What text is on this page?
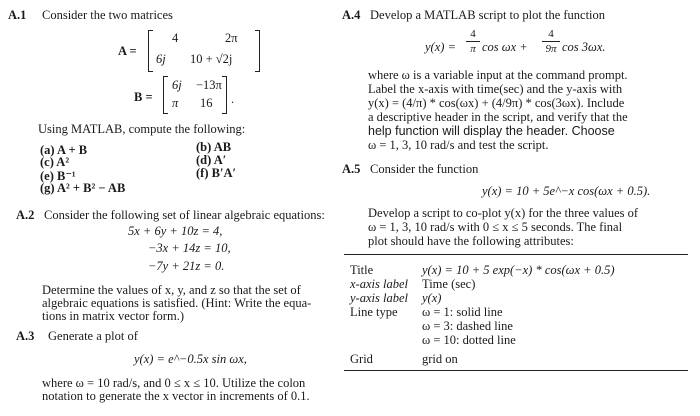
A.1 Consider the two matrices
A =
4	2π
6j 10 + √2j
B =
6j −13π
π 16 .
Using MATLAB, compute the following:
(a) A + B	(b) AB
(c) A²	(d) A′
(e) B⁻¹	(f) B′A′
(g) A² + B² − AB
A.2 Consider the following set of linear algebraic equations:
5x + 6y + 10z = 4,
−3x + 14z = 10,
−7y + 21z = 0.
Determine the values of x, y, and z so that the set of
algebraic equations is satisfied. (Hint: Write the equa-
tions in matrix vector form.)
A.3 Generate a plot of
y(x) = e^−0.5x sin ωx,
where ω = 10 rad/s, and 0 ≤ x ≤ 10. Utilize the colon
notation to generate the x vector in increments of 0.1.
A.4 Develop a MATLAB script to plot the function
y(x) =
4
π cos ωx +
4
9π cos 3ωx.
where ω is a variable input at the command prompt.
Label the x-axis with time(sec) and the y-axis with
y(x) = (4/π) * cos(ωx) + (4/9π) * cos(3ωx). Include
a descriptive header in the script, and verify that the
help function will display the header. Choose
ω = 1, 3, 10 rad/s and test the script.
A.5 Consider the function
y(x) = 10 + 5e^−x cos(ωx + 0.5).
Develop a script to co-plot y(x) for the three values of
ω = 1, 3, 10 rad/s with 0 ≤ x ≤ 5 seconds. The final
plot should have the following attributes:
Title	y(x) = 10 + 5 exp(−x) * cos(ωx + 0.5)
x-axis label	Time (sec)
y-axis label	y(x)
Line type	ω = 1: solid line
ω = 3: dashed line
ω = 10: dotted line
Grid	grid on
